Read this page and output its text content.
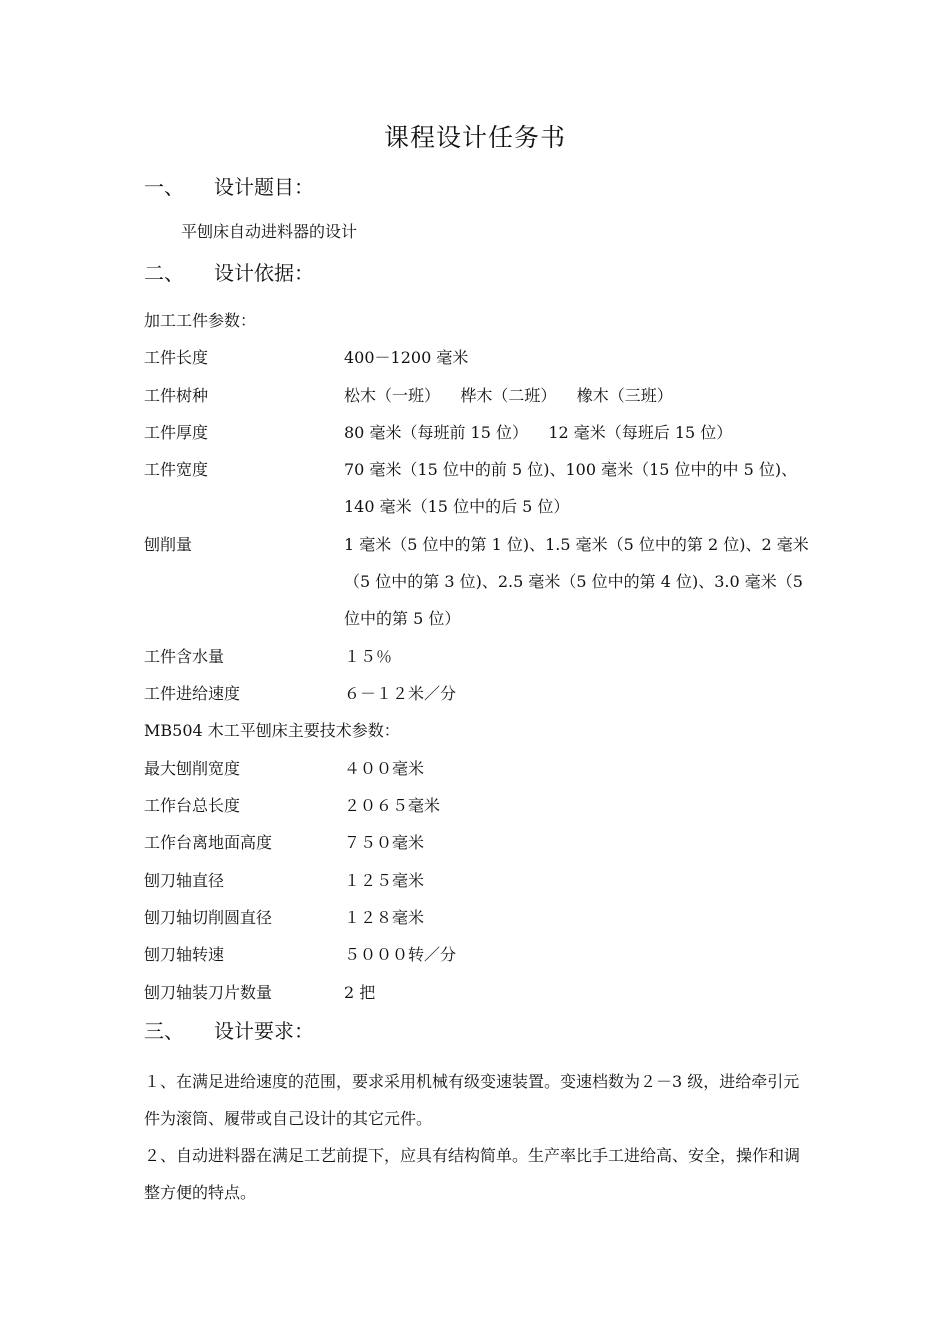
课程设计任务书
一、 设计题目：
平刨床自动进料器的设计
二、 设计依据：
加工工件参数：
工件长度	400－1200 毫米
工件树种	松木（一班）    桦木（二班）    橡木（三班）
工件厚度	80 毫米（每班前 15 位）    12 毫米（每班后 15 位）
工件宽度	70 毫米（15 位中的前 5 位)、100 毫米（15 位中的中 5 位)、140 毫米（15 位中的后 5 位）
刨削量	1 毫米（5 位中的第 1 位)、1.5 毫米（5 位中的第 2 位)、2 毫米（5 位中的第 3 位)、2.5 毫米（5 位中的第 4 位)、3.0 毫米（5 位中的第 5 位）
工件含水量	１５％
工件进给速度	６－１２米／分
MB504 木工平刨床主要技术参数：
最大刨削宽度	４００毫米
工作台总长度	２０６５毫米
工作台离地面高度	７５０毫米
刨刀轴直径	１２５毫米
刨刀轴切削圆直径	１２８毫米
刨刀轴转速	５０００转／分
刨刀轴装刀片数量	2 把
三、 设计要求：
１、在满足进给速度的范围，要求采用机械有级变速装置。变速档数为２－3 级，进给牵引元件为滚筒、履带或自己设计的其它元件。
２、自动进料器在满足工艺前提下，应具有结构简单。生产率比手工进给高、安全，操作和调整方便的特点。
